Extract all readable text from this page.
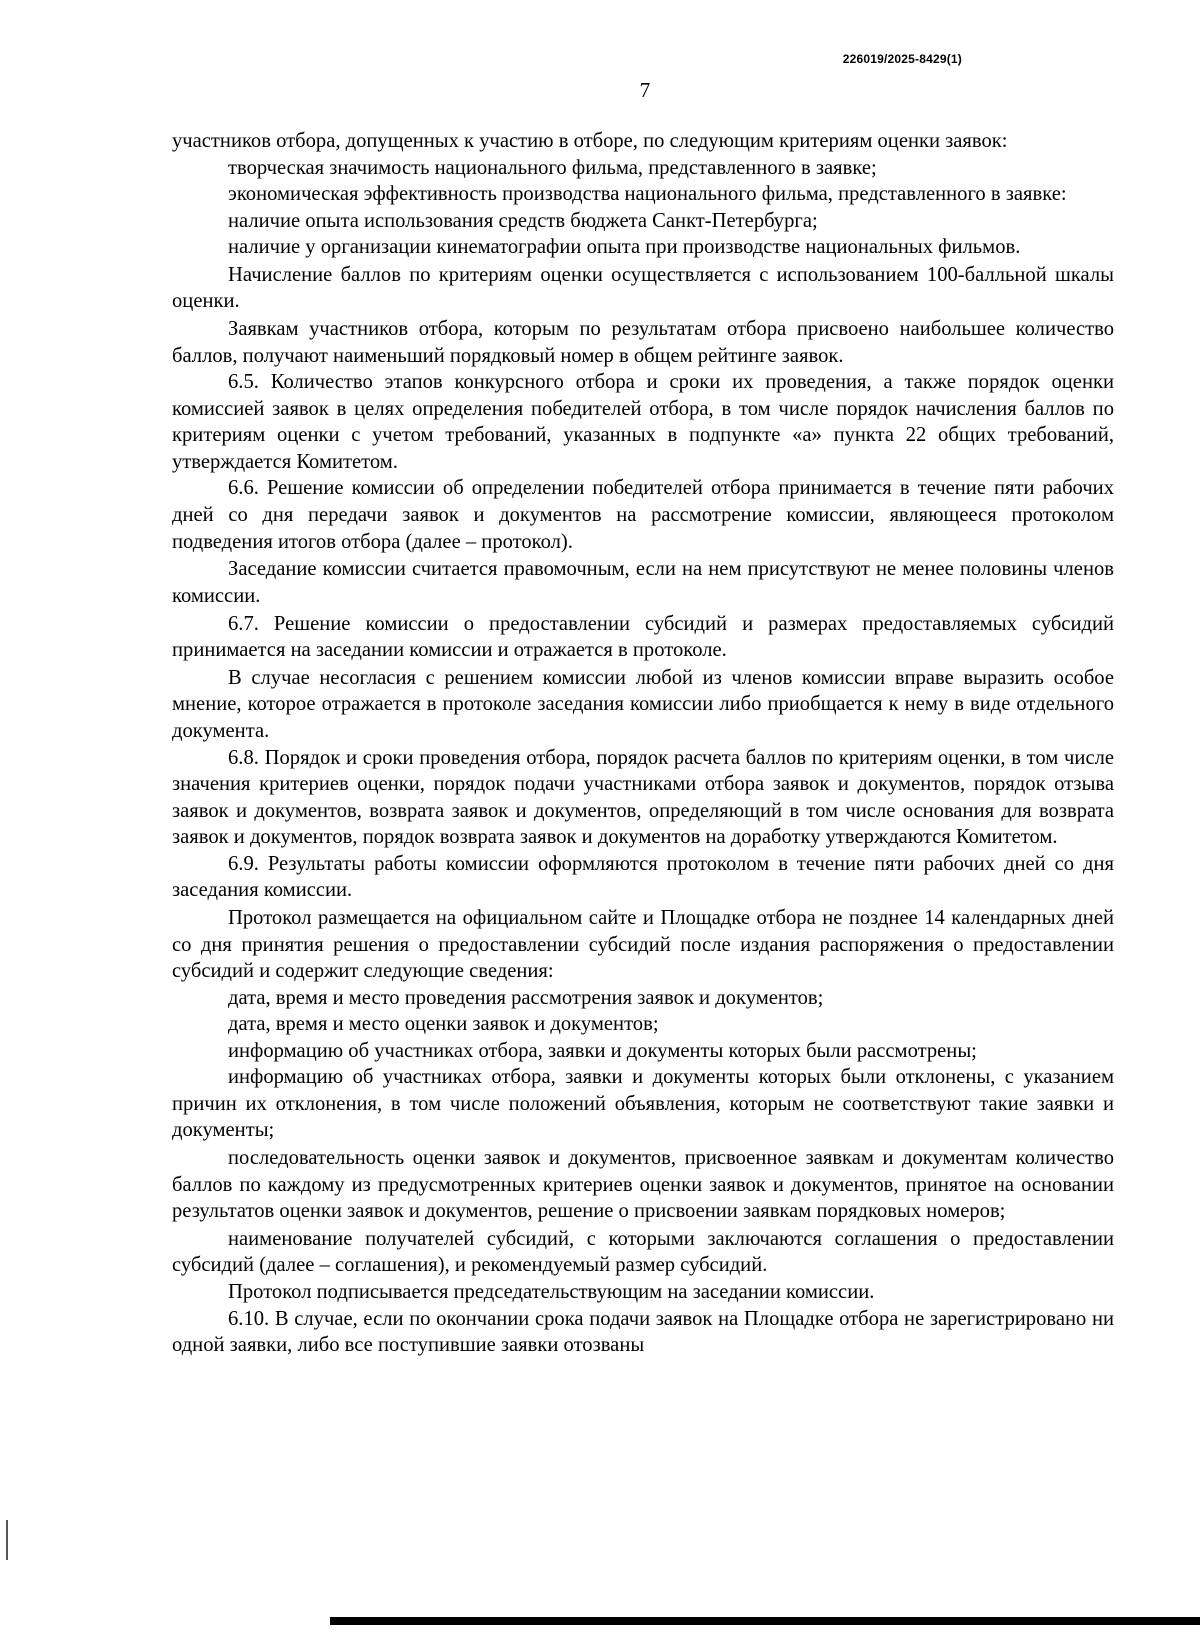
226019/2025-8429(1)
7

участников отбора, допущенных к участию в отборе, по следующим критериям оценки заявок:

творческая значимость национального фильма, представленного в заявке;

экономическая эффективность производства национального фильма, представленного в заявке:

наличие опыта использования средств бюджета Санкт-Петербурга;

наличие у организации кинематографии опыта при производстве национальных фильмов.

Начисление баллов по критериям оценки осуществляется с использованием 100-балльной шкалы оценки.

Заявкам участников отбора, которым по результатам отбора присвоено наибольшее количество баллов, получают наименьший порядковый номер в общем рейтинге заявок.

6.5. Количество этапов конкурсного отбора и сроки их проведения, а также порядок оценки комиссией заявок в целях определения победителей отбора, в том числе порядок начисления баллов по критериям оценки с учетом требований, указанных в подпункте «а» пункта 22 общих требований, утверждается Комитетом.

6.6. Решение комиссии об определении победителей отбора принимается в течение пяти рабочих дней со дня передачи заявок и документов на рассмотрение комиссии, являющееся протоколом подведения итогов отбора (далее – протокол).

Заседание комиссии считается правомочным, если на нем присутствуют не менее половины членов комиссии.

6.7. Решение комиссии о предоставлении субсидий и размерах предоставляемых субсидий принимается на заседании комиссии и отражается в протоколе.

В случае несогласия с решением комиссии любой из членов комиссии вправе выразить особое мнение, которое отражается в протоколе заседания комиссии либо приобщается к нему в виде отдельного документа.

6.8. Порядок и сроки проведения отбора, порядок расчета баллов по критериям оценки, в том числе значения критериев оценки, порядок подачи участниками отбора заявок и документов, порядок отзыва заявок и документов, возврата заявок и документов, определяющий в том числе основания для возврата заявок и документов, порядок возврата заявок и документов на доработку утверждаются Комитетом.

6.9. Результаты работы комиссии оформляются протоколом в течение пяти рабочих дней со дня заседания комиссии.

Протокол размещается на официальном сайте и Площадке отбора не позднее 14 календарных дней со дня принятия решения о предоставлении субсидий после издания распоряжения о предоставлении субсидий и содержит следующие сведения:

дата, время и место проведения рассмотрения заявок и документов;

дата, время и место оценки заявок и документов;

информацию об участниках отбора, заявки и документы которых были рассмотрены;

информацию об участниках отбора, заявки и документы которых были отклонены, с указанием причин их отклонения, в том числе положений объявления, которым не соответствуют такие заявки и документы;

последовательность оценки заявок и документов, присвоенное заявкам и документам количество баллов по каждому из предусмотренных критериев оценки заявок и документов, принятое на основании результатов оценки заявок и документов, решение о присвоении заявкам порядковых номеров;

наименование получателей субсидий, с которыми заключаются соглашения о предоставлении субсидий (далее – соглашения), и рекомендуемый размер субсидий.

Протокол подписывается председательствующим на заседании комиссии.

6.10. В случае, если по окончании срока подачи заявок на Площадке отбора не зарегистрировано ни одной заявки, либо все поступившие заявки отозваны
